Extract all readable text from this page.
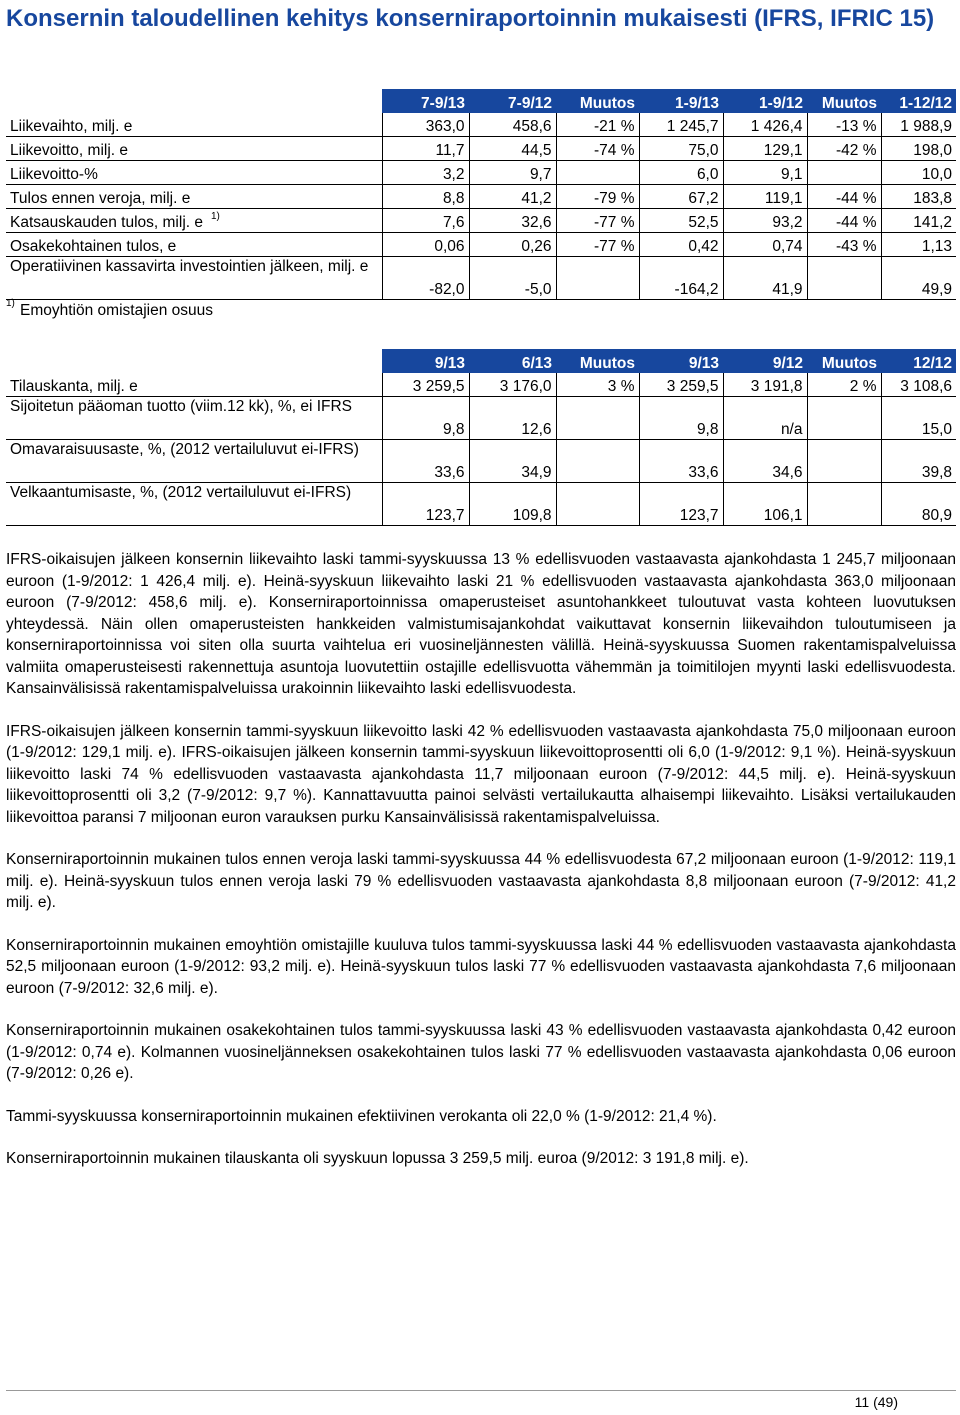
Konsernin taloudellinen kehitys konserniraportoinnin mukaisesti (IFRS, IFRIC 15)
	7-9/13	7-9/12	Muutos	1-9/13	1-9/12	Muutos	1-12/12
Liikevaihto, milj. e	363,0	458,6	-21 %	1 245,7	1 426,4	-13 %	1 988,9
Liikevoitto, milj. e	11,7	44,5	-74 %	75,0	129,1	-42 %	198,0
Liikevoitto-%	3,2	9,7		6,0	9,1		10,0
Tulos ennen veroja, milj. e	8,8	41,2	-79 %	67,2	119,1	-44 %	183,8
Katsauskauden tulos, milj. e $^{1)}$	7,6	32,6	-77 %	52,5	93,2	-44 %	141,2
Osakekohtainen tulos, e	0,06	0,26	-77 %	0,42	0,74	-43 %	1,13
Operatiivinen kassavirta investointien jälkeen, milj. e	-82,0	-5,0		-164,2	41,9		49,9
1) Emoyhtiön omistajien osuus
	9/13	6/13	Muutos	9/13	9/12	Muutos	12/12
Tilauskanta, milj. e	3 259,5	3 176,0	3 %	3 259,5	3 191,8	2 %	3 108,6
Sijoitetun pääoman tuotto (viim.12 kk), %, ei IFRS	9,8	12,6		9,8	n/a		15,0
Omavaraisuusaste, %, (2012 vertailuluvut ei-IFRS)	33,6	34,9		33,6	34,6		39,8
Velkaantumisaste, %, (2012 vertailuluvut ei-IFRS)	123,7	109,8		123,7	106,1		80,9

IFRS-oikaisujen jälkeen konsernin liikevaihto laski tammi-syyskuussa 13 % edellisvuoden vastaavasta ajankohdasta 1 245,7 miljoonaan euroon (1-9/2012: 1 426,4 milj. e). Heinä-syyskuun liikevaihto laski 21 % edellisvuoden vastaavasta ajankohdasta 363,0 miljoonaan euroon (7-9/2012: 458,6 milj. e). Konserniraportoinnissa omaperusteiset asuntohankkeet tuloutuvat vasta kohteen luovutuksen yhteydessä. Näin ollen omaperusteisten hankkeiden valmistumisajankohdat vaikuttavat konsernin liikevaihdon tuloutumiseen ja konserniraportoinnissa voi siten olla suurta vaihtelua eri vuosineljännesten välillä. Heinä-syyskuussa Suomen rakentamispalveluissa valmiita omaperusteisesti rakennettuja asuntoja luovutettiin ostajille edellisvuotta vähemmän ja toimitilojen myynti laski edellisvuodesta. Kansainvälisissä rakentamispalveluissa urakoinnin liikevaihto laski edellisvuodesta.

IFRS-oikaisujen jälkeen konsernin tammi-syyskuun liikevoitto laski 42 % edellisvuoden vastaavasta ajankohdasta 75,0 miljoonaan euroon (1-9/2012: 129,1 milj. e). IFRS-oikaisujen jälkeen konsernin tammi-syyskuun liikevoittoprosentti oli 6,0 (1-9/2012: 9,1 %). Heinä-syyskuun liikevoitto laski 74 % edellisvuoden vastaavasta ajankohdasta 11,7 miljoonaan euroon (7-9/2012: 44,5 milj. e). Heinä-syyskuun liikevoittoprosentti oli 3,2 (7-9/2012: 9,7 %). Kannattavuutta painoi selvästi vertailukautta alhaisempi liikevaihto. Lisäksi vertailukauden liikevoittoa paransi 7 miljoonan euron varauksen purku Kansainvälisissä rakentamispalveluissa.

Konserniraportoinnin mukainen tulos ennen veroja laski tammi-syyskuussa 44 % edellisvuodesta 67,2 miljoonaan euroon (1-9/2012: 119,1 milj. e). Heinä-syyskuun tulos ennen veroja laski 79 % edellisvuoden vastaavasta ajankohdasta 8,8 miljoonaan euroon (7-9/2012: 41,2 milj. e).

Konserniraportoinnin mukainen emoyhtiön omistajille kuuluva tulos tammi-syyskuussa laski 44 % edellisvuoden vastaavasta ajankohdasta 52,5 miljoonaan euroon (1-9/2012: 93,2 milj. e). Heinä-syyskuun tulos laski 77 % edellisvuoden vastaavasta ajankohdasta 7,6 miljoonaan euroon (7-9/2012: 32,6 milj. e).

Konserniraportoinnin mukainen osakekohtainen tulos tammi-syyskuussa laski 43 % edellisvuoden vastaavasta ajankohdasta 0,42 euroon (1-9/2012: 0,74 e). Kolmannen vuosineljänneksen osakekohtainen tulos laski 77 % edellisvuoden vastaavasta ajankohdasta 0,06 euroon (7-9/2012: 0,26 e).

Tammi-syyskuussa konserniraportoinnin mukainen efektiivinen verokanta oli 22,0 % (1-9/2012: 21,4 %).

Konserniraportoinnin mukainen tilauskanta oli syyskuun lopussa 3 259,5 milj. euroa (9/2012: 3 191,8 milj. e).

11 (49)
